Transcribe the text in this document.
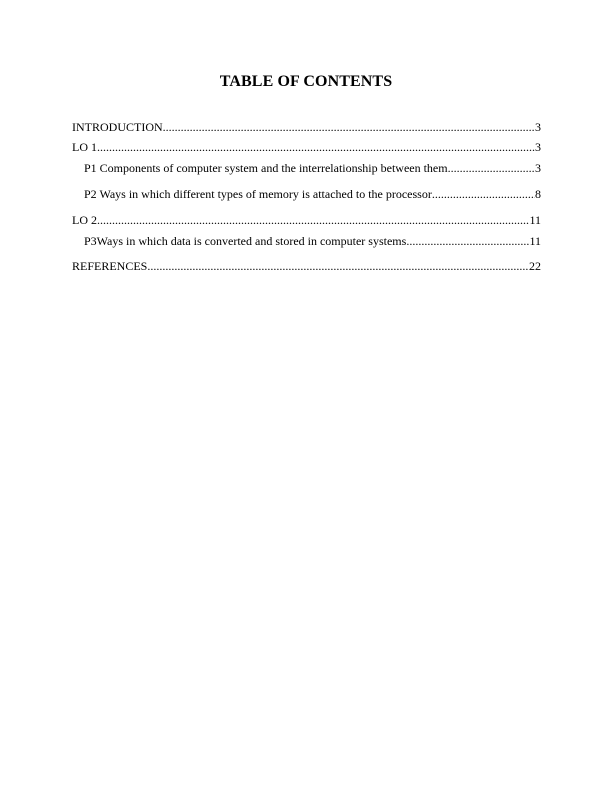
TABLE OF CONTENTS
INTRODUCTION .....	3
LO 1 .....	3
P1 Components of computer system and the interrelationship between them .....	3
P2 Ways in which different types of memory is attached to the processor .....	8
LO 2 .....	11
P3Ways in which data is converted and stored in computer systems .....	11
REFERENCES .....	22
